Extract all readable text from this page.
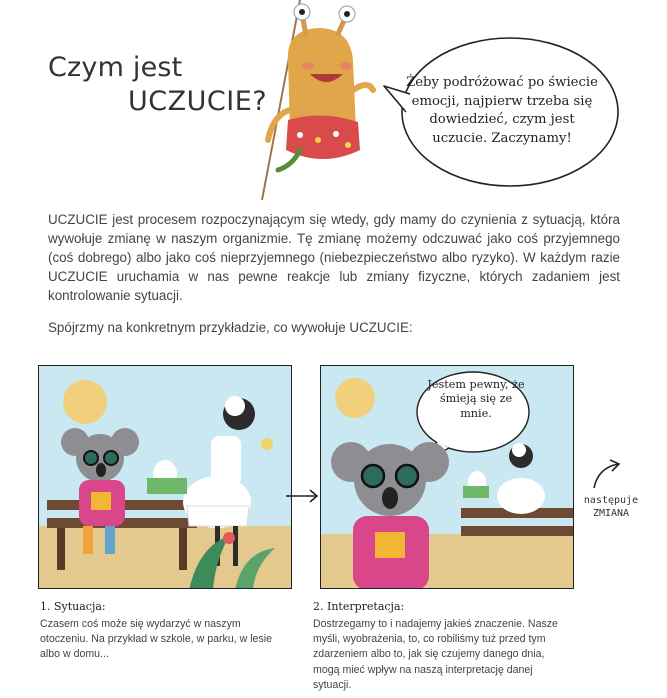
Czym jest
UCZUCIE?
Żeby podróżować po świecie emocji, najpierw trzeba się dowiedzieć, czym jest uczucie. Zaczynamy!
UCZUCIE jest procesem rozpoczynającym się wtedy, gdy mamy do czynienia z sytuacją, która wywołuje zmianę w naszym organizmie. Tę zmianę możemy odczuwać jako coś przyjemnego (coś dobrego) albo jako coś nieprzyjemnego (niebezpieczeństwo albo ryzyko). W każdym razie UCZUCIE uruchamia w nas pewne reakcje lub zmiany fizyczne, których zadaniem jest kontrolowanie sytuacji.
Spójrzmy na konkretnym przykładzie, co wywołuje UCZUCIE:
Jestem pewny, że śmieją się ze mnie.
następuje
ZMIANA
1. Sytuacja:
Czasem coś może się wydarzyć w naszym otoczeniu. Na przykład w szkole, w parku, w lesie albo w domu...
2. Interpretacja:
Dostrzegamy to i nadajemy jakieś znaczenie. Nasze myśli, wyobrażenia, to, co robiliśmy tuż przed tym zdarzeniem albo to, jak się czujemy danego dnia, mogą mieć wpływ na naszą interpretację danej sytuacji.
